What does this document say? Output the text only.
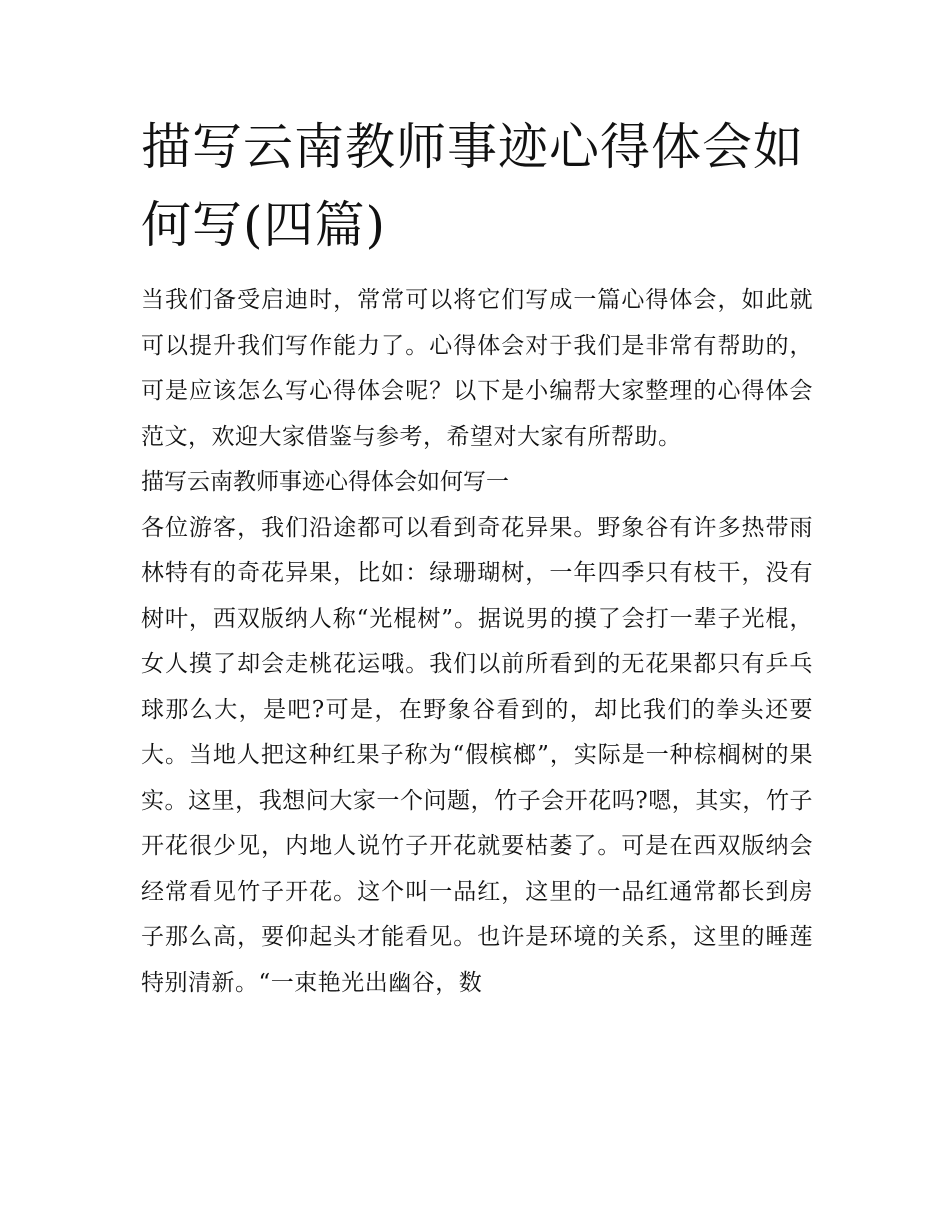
描写云南教师事迹心得体会如何写(四篇)

当我们备受启迪时，常常可以将它们写成一篇心得体会，如此就可以提升我们写作能力了。心得体会对于我们是非常有帮助的，可是应该怎么写心得体会呢？以下是小编帮大家整理的心得体会范文，欢迎大家借鉴与参考，希望对大家有所帮助。

描写云南教师事迹心得体会如何写一

各位游客，我们沿途都可以看到奇花异果。野象谷有许多热带雨林特有的奇花异果，比如：绿珊瑚树，一年四季只有枝干，没有树叶，西双版纳人称“光棍树”。据说男的摸了会打一辈子光棍，女人摸了却会走桃花运哦。我们以前所看到的无花果都只有乒乓球那么大，是吧?可是，在野象谷看到的，却比我们的拳头还要大。当地人把这种红果子称为“假槟榔”，实际是一种棕榈树的果实。这里，我想问大家一个问题，竹子会开花吗?嗯，其实，竹子开花很少见，内地人说竹子开花就要枯萎了。可是在西双版纳会经常看见竹子开花。这个叫一品红，这里的一品红通常都长到房子那么高，要仰起头才能看见。也许是环境的关系，这里的睡莲特别清新。“一束艳光出幽谷，数
